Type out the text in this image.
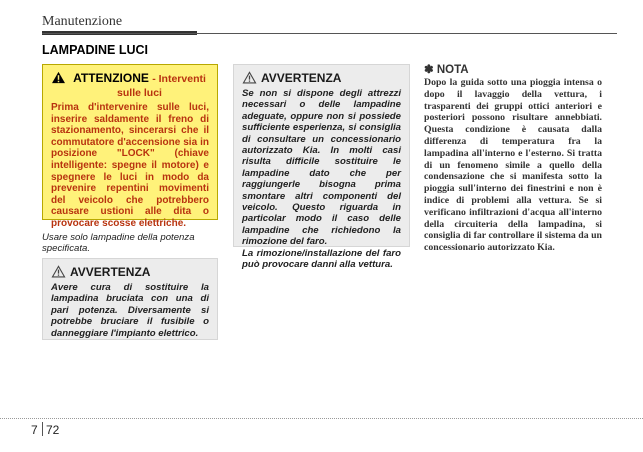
Manutenzione
LAMPADINE LUCI
ATTENZIONE - Interventi sulle luci
Prima d'intervenire sulle luci, inserire saldamente il freno di stazionamento, sincerarsi che il commutatore d'accensione sia in posizione "LOCK" (chiave intelligente: spegne il motore) e spegnere le luci in modo da prevenire repentini movimenti del veicolo che potrebbero causare ustioni alle dita o provocare scosse elettriche.
Usare solo lampadine della potenza specificata.
AVVERTENZA
Avere cura di sostituire la lampadina bruciata con una di pari potenza. Diversamente si potrebbe bruciare il fusibile o danneggiare l'impianto elettrico.
AVVERTENZA
Se non si dispone degli attrezzi necessari o delle lampadine adeguate, oppure non si possiede sufficiente esperienza, si consiglia di consultare un concessionario autorizzato Kia. In molti casi risulta difficile sostituire le lampadine dato che per raggiungerle bisogna prima smontare altri componenti del veicolo. Questo riguarda in particolar modo il caso delle lampadine che richiedono la rimozione del faro.
La rimozione/installazione del faro può provocare danni alla vettura.
✽ NOTA
Dopo la guida sotto una pioggia intensa o dopo il lavaggio della vettura, i trasparenti dei gruppi ottici anteriori e posteriori possono risultare annebbiati. Questa condizione è causata dalla differenza di temperatura fra la lampadina all'interno e l'esterno. Si tratta di un fenomeno simile a quello della condensazione che si manifesta sotto la pioggia sull'interno dei finestrini e non è indice di problemi alla vettura. Se si verificano infiltrazioni d'acqua all'interno della circuiteria della lampadina, si consiglia di far controllare il sistema da un concessionario autorizzato Kia.
7 72
